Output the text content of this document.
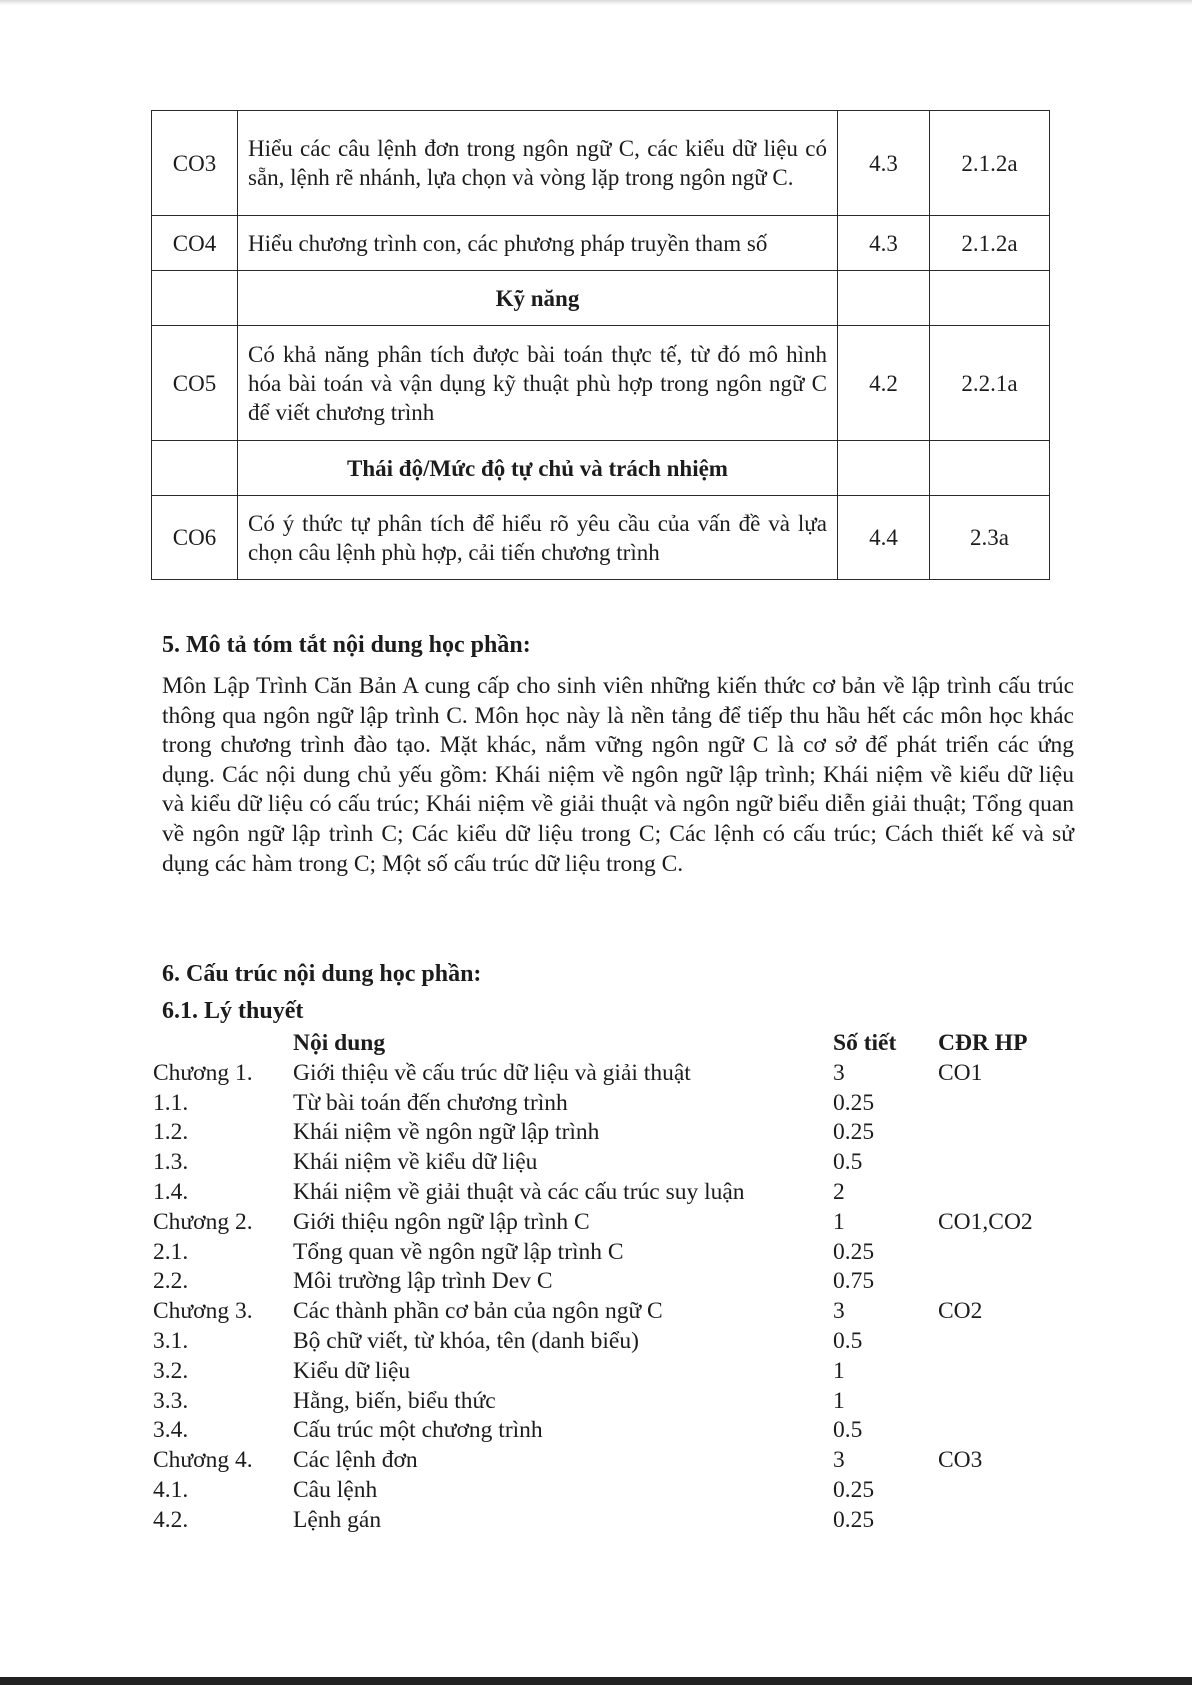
CO3	Hiểu các câu lệnh đơn trong ngôn ngữ C, các kiểu dữ liệu có sẵn, lệnh rẽ nhánh, lựa chọn và vòng lặp trong ngôn ngữ C.	4.3	2.1.2a
CO4	Hiểu chương trình con, các phương pháp truyền tham số	4.3	2.1.2a
	Kỹ năng		
CO5	Có khả năng phân tích được bài toán thực tế, từ đó mô hình hóa bài toán và vận dụng kỹ thuật phù hợp trong ngôn ngữ C để viết chương trình	4.2	2.2.1a
	Thái độ/Mức độ tự chủ và trách nhiệm		
CO6	Có ý thức tự phân tích để hiểu rõ yêu cầu của vấn đề và lựa chọn câu lệnh phù hợp, cải tiến chương trình	4.4	2.3a
5. Mô tả tóm tắt nội dung học phần:

Môn Lập Trình Căn Bản A cung cấp cho sinh viên những kiến thức cơ bản về lập trình cấu trúc thông qua ngôn ngữ lập trình C. Môn học này là nền tảng để tiếp thu hầu hết các môn học khác trong chương trình đào tạo. Mặt khác, nắm vững ngôn ngữ C là cơ sở để phát triển các ứng dụng. Các nội dung chủ yếu gồm: Khái niệm về ngôn ngữ lập trình; Khái niệm về kiểu dữ liệu và kiểu dữ liệu có cấu trúc; Khái niệm về giải thuật và ngôn ngữ biểu diễn giải thuật; Tổng quan về ngôn ngữ lập trình C; Các kiểu dữ liệu trong C; Các lệnh có cấu trúc; Cách thiết kế và sử dụng các hàm trong C; Một số cấu trúc dữ liệu trong C.

6. Cấu trúc nội dung học phần:
6.1. Lý thuyết
Nội dung	Số tiết	CĐR HP
Chương 1.	Giới thiệu về cấu trúc dữ liệu và giải thuật	3	CO1
1.1.	Từ bài toán đến chương trình	0.25
1.2.	Khái niệm về ngôn ngữ lập trình	0.25
1.3.	Khái niệm về kiểu dữ liệu	0.5
1.4.	Khái niệm về giải thuật và các cấu trúc suy luận	2
Chương 2.	Giới thiệu ngôn ngữ lập trình C	1	CO1,CO2
2.1.	Tổng quan về ngôn ngữ lập trình C	0.25
2.2.	Môi trường lập trình Dev C	0.75
Chương 3.	Các thành phần cơ bản của ngôn ngữ C	3	CO2
3.1.	Bộ chữ viết, từ khóa, tên (danh biểu)	0.5
3.2.	Kiểu dữ liệu	1
3.3.	Hằng, biến, biểu thức	1
3.4.	Cấu trúc một chương trình	0.5
Chương 4.	Các lệnh đơn	3	CO3
4.1.	Câu lệnh	0.25
4.2.	Lệnh gán	0.25
